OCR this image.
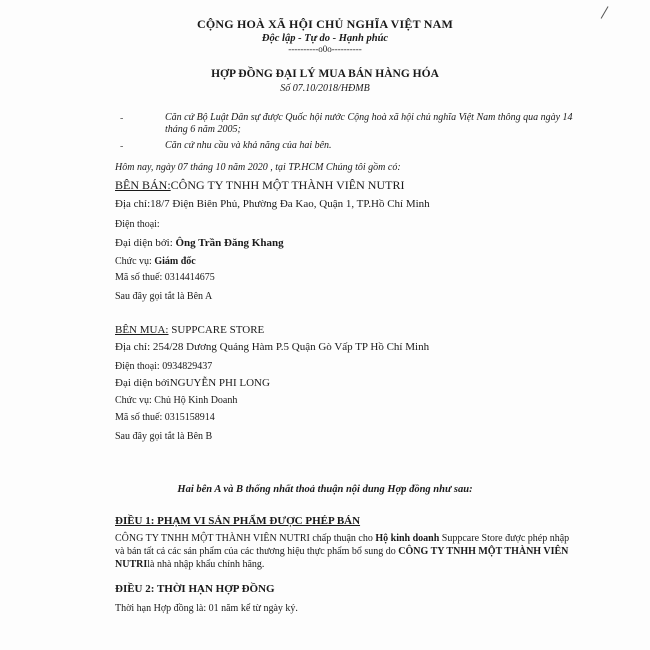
CỘNG HOÀ XÃ HỘI CHỦ NGHĨA VIỆT NAM
Độc lập - Tự do - Hạnh phúc
----------o0o----------
HỢP ĐỒNG ĐẠI LÝ MUA BÁN HÀNG HÓA
Số 07.10/2018/HĐMB
-	Căn cứ Bộ Luật Dân sự được Quốc hội nước Cộng hoà xã hội chủ nghĩa Việt Nam thông qua ngày 14 tháng 6 năm 2005;
-	Căn cứ nhu cầu và khả năng của hai bên.
Hôm nay, ngày 07 tháng 10 năm 2020 , tại TP.HCM Chúng tôi gồm có:
BÊN BÁN:CÔNG TY TNHH MỘT THÀNH VIÊN NUTRI
Địa chỉ:18/7 Điện Biên Phủ, Phường Đa Kao, Quận 1, TP.Hồ Chí Minh
Điện thoại:
Đại diện bởi: Ông Trần Đăng Khang
Chức vụ: Giám đốc
Mã số thuế: 0314414675
Sau đây gọi tắt là Bên A
BÊN MUA: SUPPCARE STORE
Địa chỉ: 254/28 Dương Quảng Hàm P.5 Quận Gò Vấp TP Hồ Chí Minh
Điện thoại: 0934829437
Đại diện bởiNGUYỄN PHI LONG
Chức vụ: Chủ Hộ Kinh Doanh
Mã số thuế: 0315158914
Sau đây gọi tắt là Bên B
Hai bên A và B thống nhất thoả thuận nội dung Hợp đồng như sau:
ĐIỀU 1: PHẠM VI SẢN PHẨM ĐƯỢC PHÉP BÁN
CÔNG TY TNHH MỘT THÀNH VIÊN NUTRI chấp thuận cho Hộ kinh doanh Suppcare Store được phép nhập và bán tất cả các sản phẩm của các thương hiệu thực phẩm bổ sung do CÔNG TY TNHH MỘT THÀNH VIÊN NUTRIlà nhà nhập khẩu chính hãng.
ĐIỀU 2: THỜI HẠN HỢP ĐỒNG
Thời hạn Hợp đồng là: 01 năm kể từ ngày ký.
